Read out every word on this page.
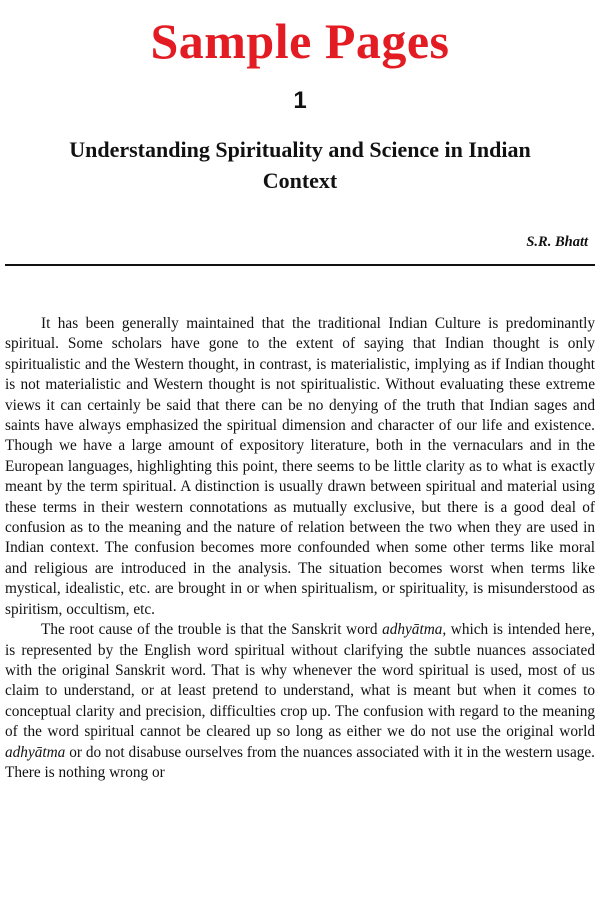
Sample Pages
1
Understanding Spirituality and Science in Indian Context
S.R. Bhatt

It has been generally maintained that the traditional Indian Culture is predominantly spiritual. Some scholars have gone to the extent of saying that Indian thought is only spiritualistic and the Western thought, in contrast, is materialistic, implying as if Indian thought is not materialistic and Western thought is not spiritualistic. Without evaluating these extreme views it can certainly be said that there can be no denying of the truth that Indian sages and saints have always emphasized the spiritual dimension and character of our life and existence. Though we have a large amount of expository literature, both in the vernaculars and in the European languages, highlighting this point, there seems to be little clarity as to what is exactly meant by the term spiritual. A distinction is usually drawn between spiritual and material using these terms in their western connotations as mutually exclusive, but there is a good deal of confusion as to the meaning and the nature of relation between the two when they are used in Indian context. The confusion becomes more confounded when some other terms like moral and religious are introduced in the analysis. The situation becomes worst when terms like mystical, idealistic, etc. are brought in or when spiritualism, or spirituality, is misunderstood as spiritism, occultism, etc.

The root cause of the trouble is that the Sanskrit word adhyātma, which is intended here, is represented by the English word spiritual without clarifying the subtle nuances associated with the original Sanskrit word. That is why whenever the word spiritual is used, most of us claim to understand, or at least pretend to understand, what is meant but when it comes to conceptual clarity and precision, difficulties crop up. The confusion with regard to the meaning of the word spiritual cannot be cleared up so long as either we do not use the original world adhyātma or do not disabuse ourselves from the nuances associated with it in the western usage. There is nothing wrong or
